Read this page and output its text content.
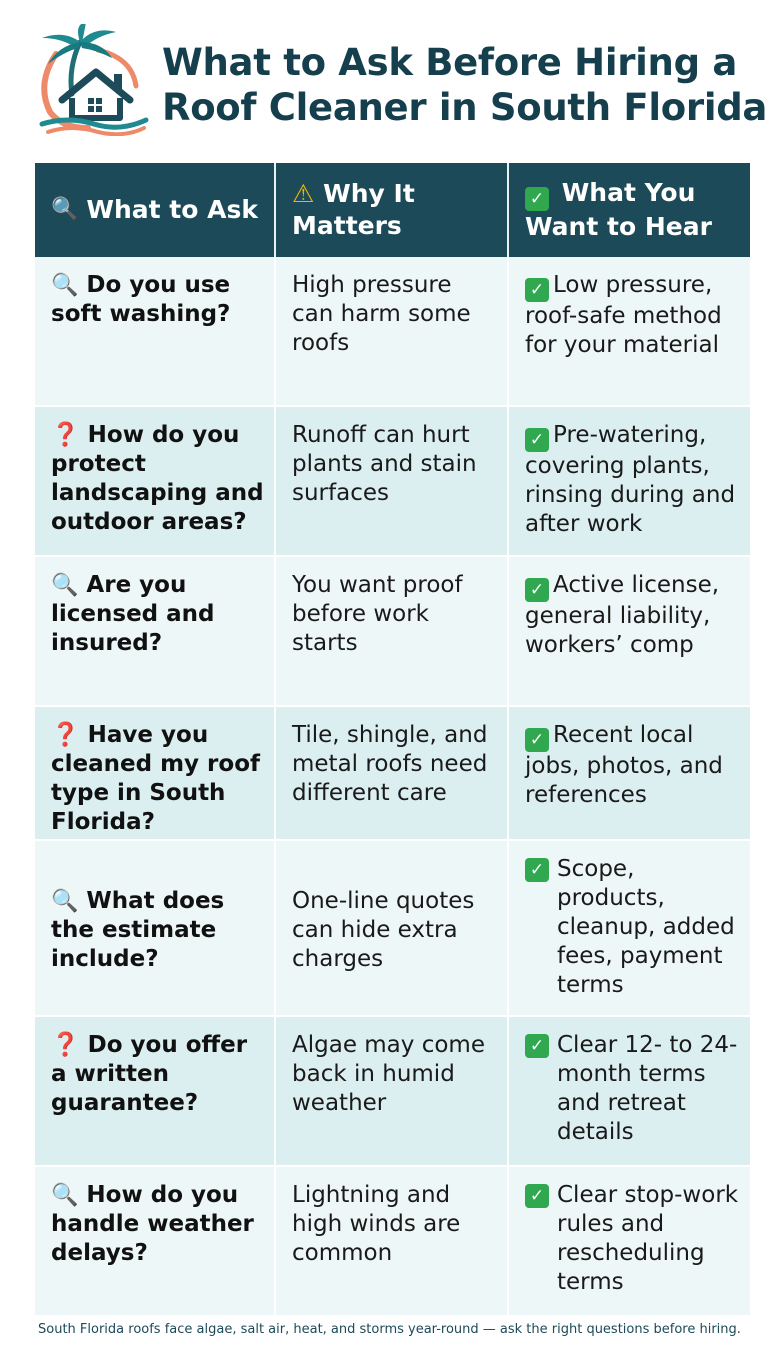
What to Ask Before Hiring a
Roof Cleaner in South Florida
🔍 What to Ask
⚠ Why It Matters
✓ What You Want to Hear
🔍 Do you use soft washing?
High pressure can harm some roofs
✓ Low pressure, roof-safe method for your material
❓ How do you protect landscaping and outdoor areas?
Runoff can hurt plants and stain surfaces
✓ Pre-watering, covering plants, rinsing during and after work
🔍 Are you licensed and insured?
You want proof before work starts
✓ Active license, general liability, workers’ comp
❓ Have you cleaned my roof type in South Florida?
Tile, shingle, and metal roofs need different care
✓ Recent local jobs, photos, and references
🔍 What does the estimate include?
One-line quotes can hide extra charges
✓ Scope, products, cleanup, added fees, payment terms
❓ Do you offer a written guarantee?
Algae may come back in humid weather
✓ Clear 12- to 24-month terms and retreat details
🔍 How do you handle weather delays?
Lightning and high winds are common
✓ Clear stop-work rules and rescheduling terms
South Florida roofs face algae, salt air, heat, and storms year-round — ask the right questions before hiring.
